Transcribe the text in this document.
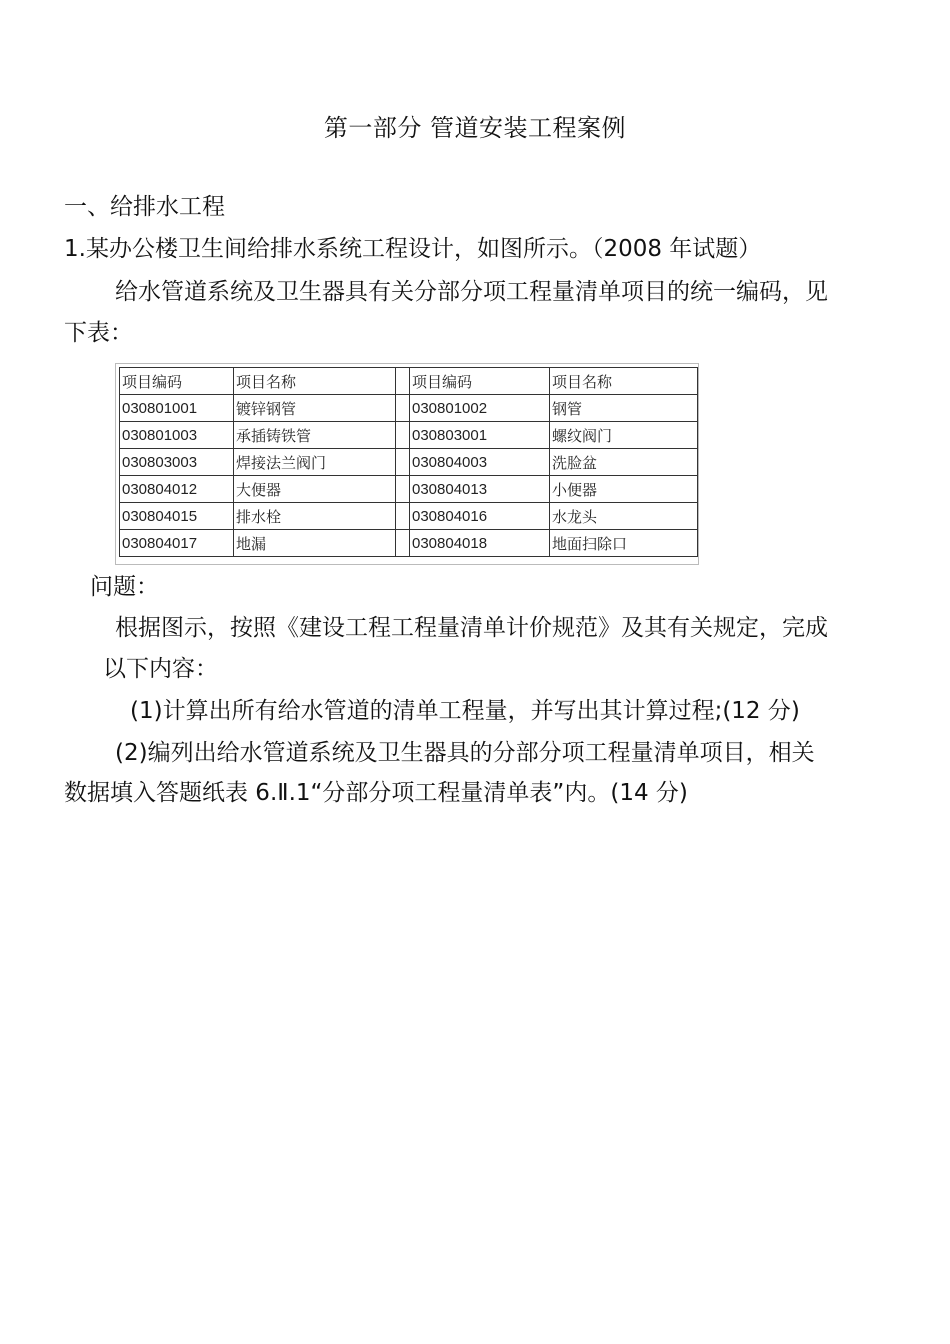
第一部分 管道安装工程案例
一、给排水工程
1.某办公楼卫生间给排水系统工程设计，如图所示。（2008 年试题）
给水管道系统及卫生器具有关分部分项工程量清单项目的统一编码，见
下表：
项目编码	项目名称		项目编码	项目名称
030801001	镀锌钢管		030801002	钢管
030801003	承插铸铁管		030803001	螺纹阀门
030803003	焊接法兰阀门		030804003	洗脸盆
030804012	大便器		030804013	小便器
030804015	排水栓		030804016	水龙头
030804017	地漏		030804018	地面扫除口
问题：
根据图示，按照《建设工程工程量清单计价规范》及其有关规定，完成
以下内容：
(1)计算出所有给水管道的清单工程量，并写出其计算过程;(12 分)
(2)编列出给水管道系统及卫生器具的分部分项工程量清单项目，相关
数据填入答题纸表 6.Ⅱ.1“分部分项工程量清单表”内。(14 分)
